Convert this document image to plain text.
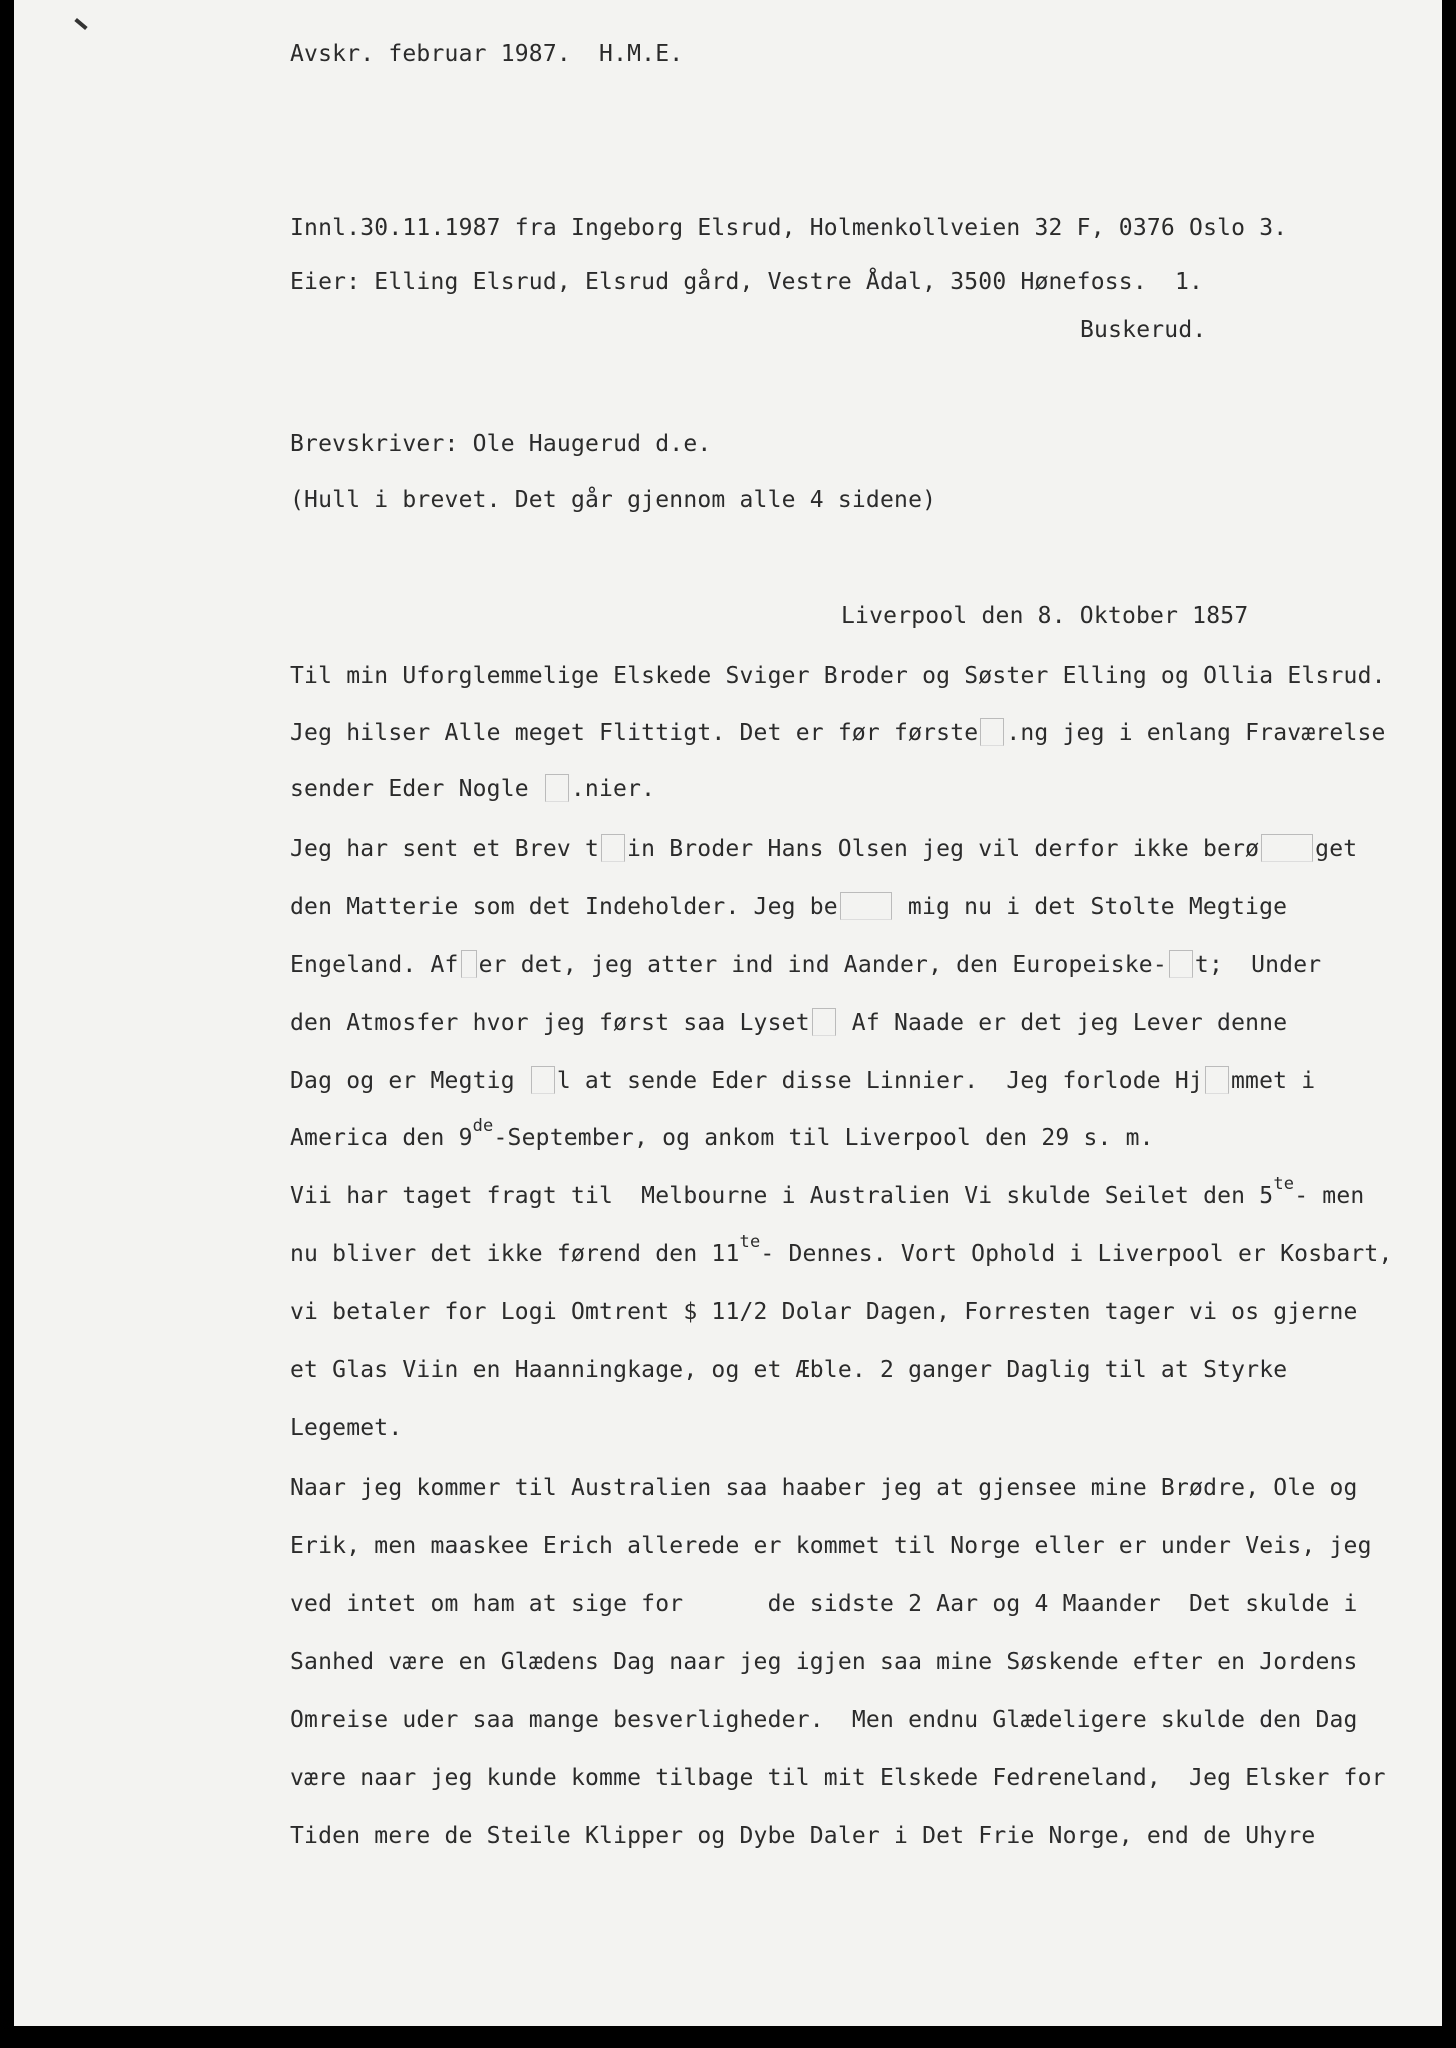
Avskr. februar 1987.  H.M.E.
Innl.30.11.1987 fra Ingeborg Elsrud, Holmenkollveien 32 F, 0376 Oslo 3.
Eier: Elling Elsrud, Elsrud gård, Vestre Ådal, 3500 Hønefoss.  1.
Buskerud.
Brevskriver: Ole Haugerud d.e.
(Hull i brevet. Det går gjennom alle 4 sidene)
Liverpool den 8. Oktober 1857
Til min Uforglemmelige Elskede Sviger Broder og Søster Elling og Ollia Elsrud.
Jeg hilser Alle meget Flittigt. Det er før første .ng jeg i enlang Fraværelse
sender Eder Nogle .nier.
Jeg har sent et Brev t in Broder Hans Olsen jeg vil derfor ikke berø get
den Matterie som det Indeholder. Jeg be mig nu i det Stolte Megtige
Engeland. Af er det, jeg atter ind ind Aander, den Europeiske- t;  Under
den Atmosfer hvor jeg først saa Lyset Af Naade er det jeg Lever denne
Dag og er Megtig l at sende Eder disse Linnier.  Jeg forlode Hj mmet i
America den 9de-September, og ankom til Liverpool den 29 s. m.
Vii har taget fragt til  Melbourne i Australien Vi skulde Seilet den $5^{te}-$ men
nu bliver det ikke førend den $11^{te}-$ Dennes. Vort Ophold i Liverpool er Kosbart,
vi betaler for Logi Omtrent $ 11/2 Dolar Dagen, Forresten tager vi os gjerne
et Glas Viin en Haanningkage, og et Æble. 2 ganger Daglig til at Styrke
Legemet.
Naar jeg kommer til Australien saa haaber jeg at gjensee mine Brødre, Ole og
Erik, men maaskee Erich allerede er kommet til Norge eller er under Veis, jeg
ved intet om ham at sige for      de sidste 2 Aar og 4 Maander  Det skulde i
Sanhed være en Glædens Dag naar jeg igjen saa mine Søskende efter en Jordens
Omreise uder saa mange besverligheder.  Men endnu Glædeligere skulde den Dag
være naar jeg kunde komme tilbage til mit Elskede Fedreneland,  Jeg Elsker for
Tiden mere de Steile Klipper og Dybe Daler i Det Frie Norge, end de Uhyre
